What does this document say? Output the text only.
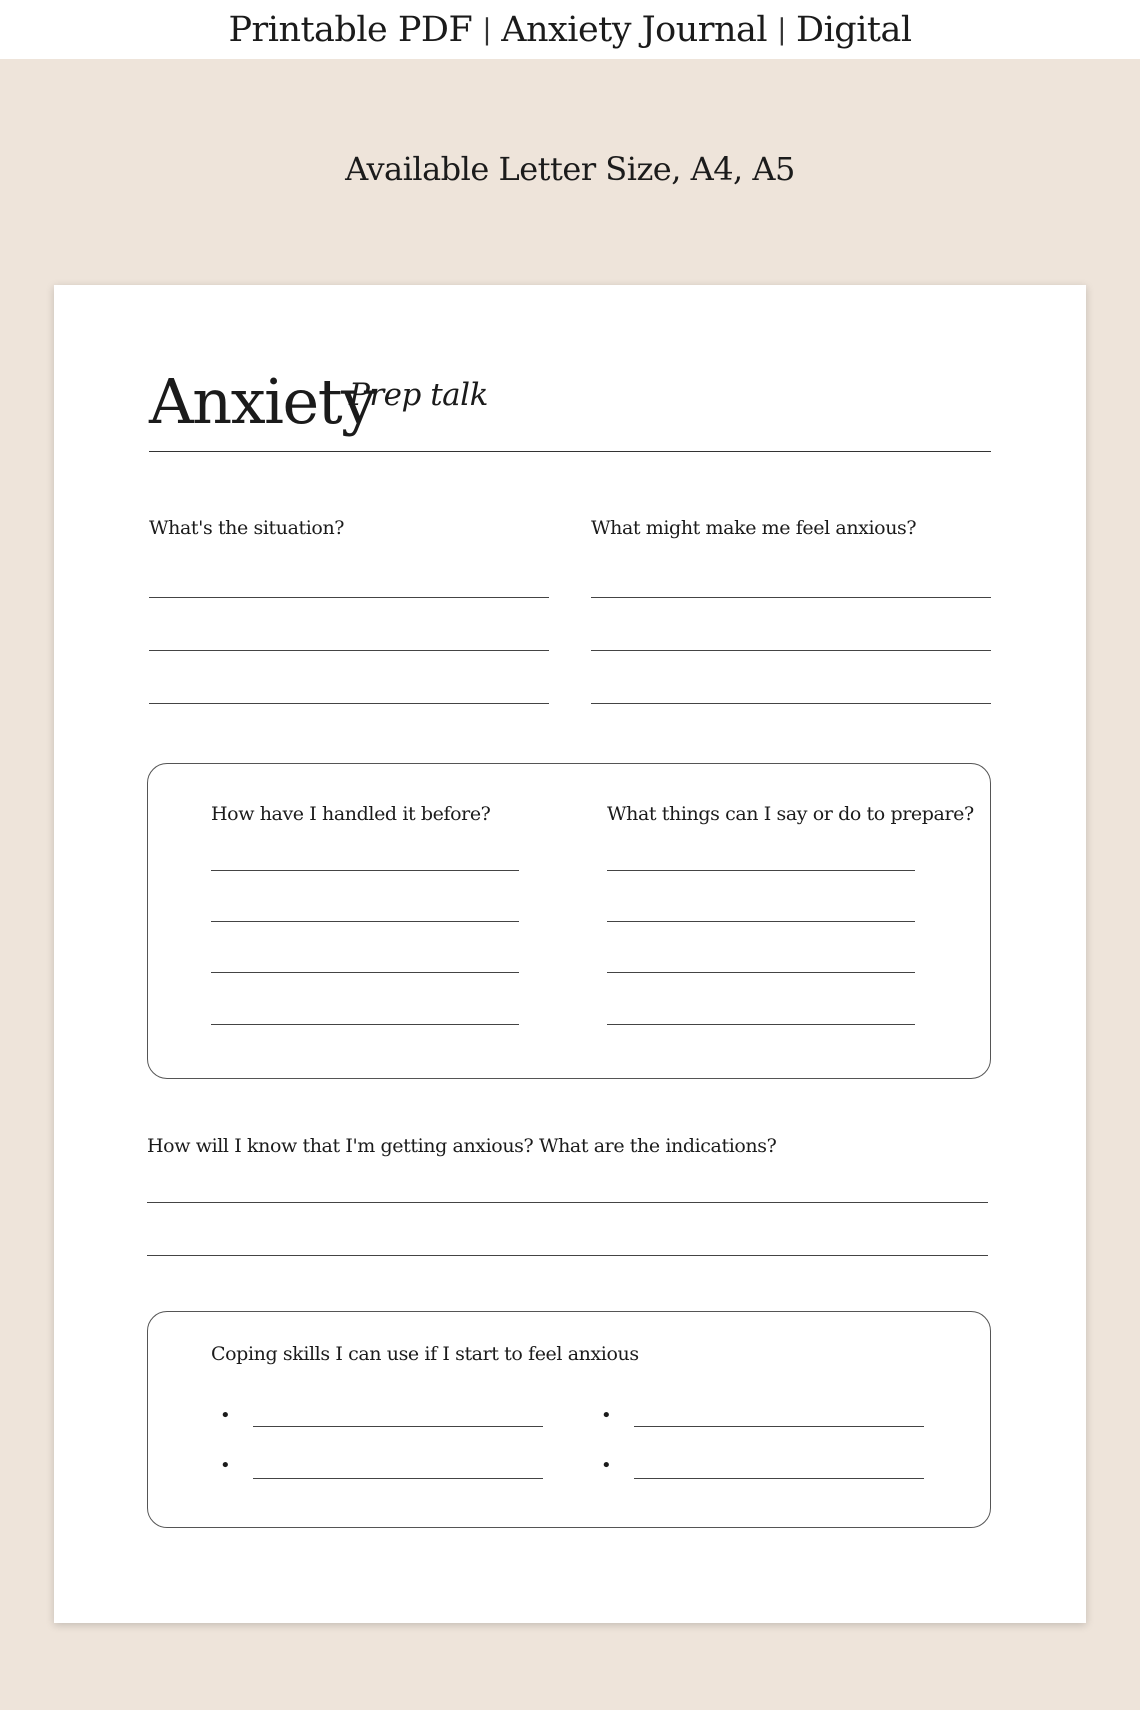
Printable PDF | Anxiety Journal | Digital
Available Letter Size, A4, A5
Anxiety
Prep talk
What's the situation?	What might make me feel anxious?
How have I handled it before?	What things can I say or do to prepare?
How will I know that I'm getting anxious? What are the indications?
Coping skills I can use if I start to feel anxious
•
•
•
•
